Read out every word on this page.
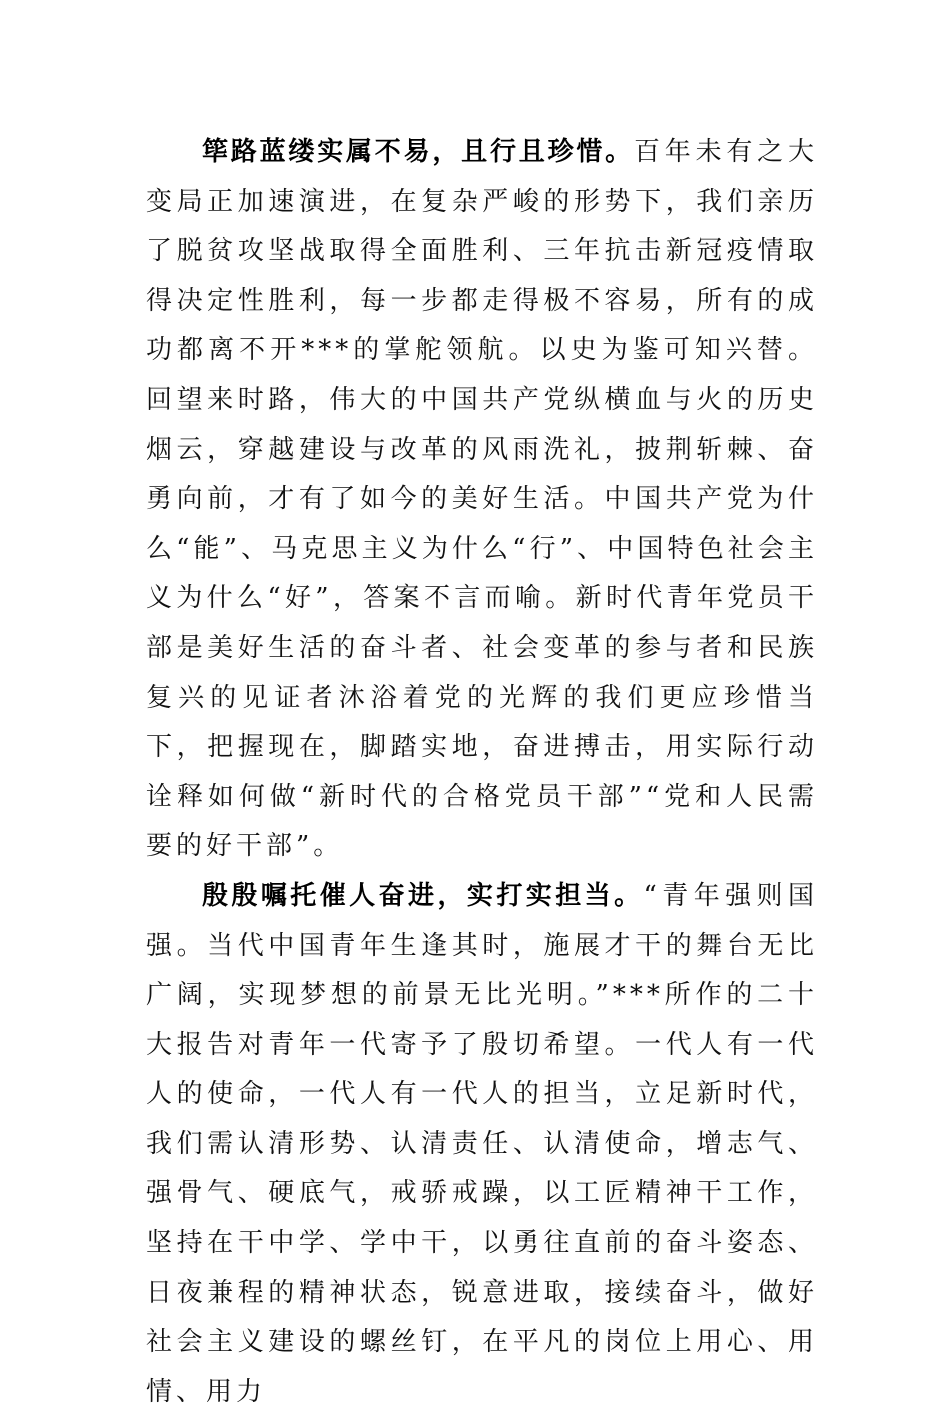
筚路蓝缕实属不易，且行且珍惜。百年未有之大变局正加速演进，在复杂严峻的形势下，我们亲历了脱贫攻坚战取得全面胜利、三年抗击新冠疫情取得决定性胜利，每一步都走得极不容易，所有的成功都离不开***的掌舵领航。以史为鉴可知兴替。回望来时路，伟大的中国共产党纵横血与火的历史烟云，穿越建设与改革的风雨洗礼，披荆斩棘、奋勇向前，才有了如今的美好生活。中国共产党为什么“能”、马克思主义为什么“行”、中国特色社会主义为什么“好”，答案不言而喻。新时代青年党员干部是美好生活的奋斗者、社会变革的参与者和民族复兴的见证者沐浴着党的光辉的我们更应珍惜当下，把握现在，脚踏实地，奋进搏击，用实际行动诠释如何做“新时代的合格党员干部”“党和人民需要的好干部”。

殷殷嘱托催人奋进，实打实担当。“青年强则国强。当代中国青年生逢其时，施展才干的舞台无比广阔，实现梦想的前景无比光明。”***所作的二十大报告对青年一代寄予了殷切希望。一代人有一代人的使命，一代人有一代人的担当，立足新时代，我们需认清形势、认清责任、认清使命，增志气、强骨气、硬底气，戒骄戒躁，以工匠精神干工作，坚持在干中学、学中干，以勇往直前的奋斗姿态、日夜兼程的精神状态，锐意进取，接续奋斗，做好社会主义建设的螺丝钉，在平凡的岗位上用心、用情、用力
